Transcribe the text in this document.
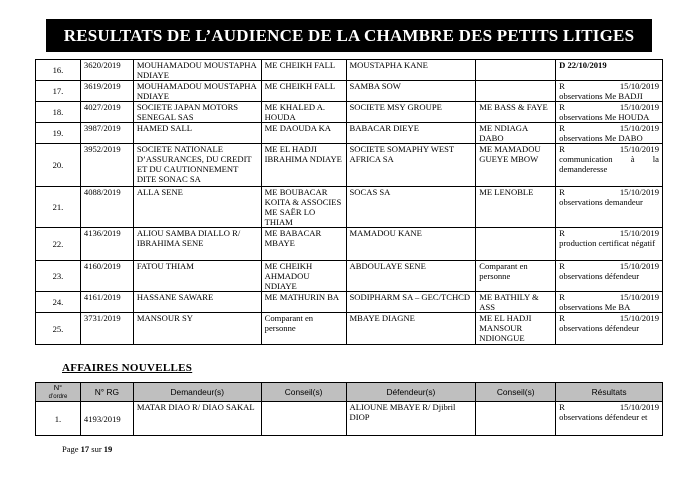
RESULTATS DE L’AUDIENCE DE LA CHAMBRE DES PETITS LITIGES
16.	3620/2019	MOUHAMADOU MOUSTAPHA NDIAYE	ME CHEIKH FALL	MOUSTAPHA KANE		D 22/10/2019

17.	3619/2019	MOUHAMADOU MOUSTAPHA NDIAYE	ME CHEIKH FALL	SAMBA SOW		R 15/10/2019
observations Me BADJI

18.	4027/2019	SOCIETE JAPAN MOTORS SENEGAL SAS	ME KHALED A. HOUDA	SOCIETE MSY GROUPE	ME BASS & FAYE	R 15/10/2019
observations Me HOUDA

19.	3987/2019	HAMED SALL	ME DAOUDA KA	BABACAR DIEYE	ME NDIAGA DABO	R 15/10/2019
observations Me DABO

20.	3952/2019	SOCIETE NATIONALE D’ASSURANCES, DU CREDIT ET DU CAUTIONNEMENT DITE SONAC SA	ME EL HADJI IBRAHIMA NDIAYE	SOCIETE SOMAPHY WEST AFRICA SA	ME MAMADOU GUEYE MBOW	R 15/10/2019
communication à la demanderesse

21.	4088/2019	ALLA SENE	ME BOUBACAR KOITA & ASSOCIES ME SAËR LO THIAM	SOCAS SA	ME LENOBLE	R 15/10/2019
observations demandeur

22.	4136/2019	ALIOU SAMBA DIALLO R/ IBRAHIMA SENE	ME BABACAR MBAYE	MAMADOU KANE		R 15/10/2019
production certificat négatif

23.	4160/2019	FATOU THIAM	ME CHEIKH AHMADOU NDIAYE	ABDOULAYE SENE	Comparant en personne	R 15/10/2019
observations défendeur

24.	4161/2019	HASSANE SAWARE	ME MATHURIN BA	SODIPHARM SA – GEC/TCHCD	ME BATHILY & ASS	R 15/10/2019
observations Me BA

25.	3731/2019	MANSOUR SY	Comparant en personne	MBAYE DIAGNE	ME EL HADJI MANSOUR NDIONGUE	R 15/10/2019
observations défendeur
AFFAIRES NOUVELLES
N°
d’ordre	N° RG	Demandeur(s)	Conseil(s)	Défendeur(s)	Conseil(s)	Résultats
1.	4193/2019	MATAR DIAO R/ DIAO SAKAL		ALIOUNE MBAYE R/ Djibril DIOP		R 15/10/2019
observations défendeur et
Page 17 sur 19
